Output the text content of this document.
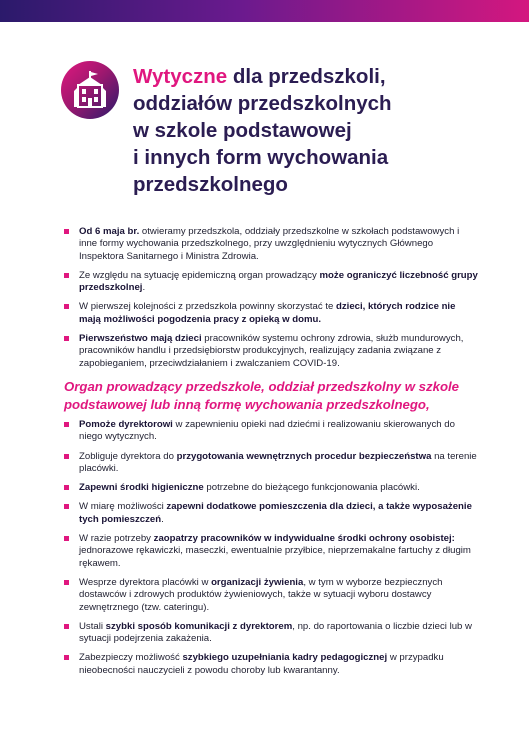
Wytyczne dla przedszkoli,
oddziałów przedszkolnych
w szkole podstawowej
i innych form wychowania
przedszkolnego
Od 6 maja br. otwieramy przedszkola, oddziały przedszkolne w szkołach podstawowych i inne formy wychowania przedszkolnego, przy uwzględnieniu wytycznych Głównego Inspektora Sanitarnego i Ministra Zdrowia.
Ze względu na sytuację epidemiczną organ prowadzący może ograniczyć liczebność grupy przedszkolnej.
W pierwszej kolejności z przedszkola powinny skorzystać te dzieci, których rodzice nie mają możliwości pogodzenia pracy z opieką w domu.
Pierwszeństwo mają dzieci pracowników systemu ochrony zdrowia, służb mundurowych, pracowników handlu i przedsiębiorstw produkcyjnych, realizujący zadania związane z zapobieganiem, przeciwdziałaniem i zwalczaniem COVID-19.
Organ prowadzący przedszkole, oddział przedszkolny w szkole podstawowej lub inną formę wychowania przedszkolnego,
Pomoże dyrektorowi w zapewnieniu opieki nad dziećmi i realizowaniu skierowanych do niego wytycznych.
Zobliguje dyrektora do przygotowania wewnętrznych procedur bezpieczeństwa na terenie placówki.
Zapewni środki higieniczne potrzebne do bieżącego funkcjonowania placówki.
W miarę możliwości zapewni dodatkowe pomieszczenia dla dzieci, a także wyposażenie tych pomieszczeń.
W razie potrzeby zaopatrzy pracowników w indywidualne środki ochrony osobistej: jednorazowe rękawiczki, maseczki, ewentualnie przyłbice, nieprzemakalne fartuchy z długim rękawem.
Wesprze dyrektora placówki w organizacji żywienia, w tym w wyborze bezpiecznych dostawców i zdrowych produktów żywieniowych, także w sytuacji wyboru dostawcy zewnętrznego (tzw. cateringu).
Ustali szybki sposób komunikacji z dyrektorem, np. do raportowania o liczbie dzieci lub w sytuacji podejrzenia zakażenia.
Zabezpieczy możliwość szybkiego uzupełniania kadry pedagogicznej w przypadku nieobecności nauczycieli z powodu choroby lub kwarantanny.
